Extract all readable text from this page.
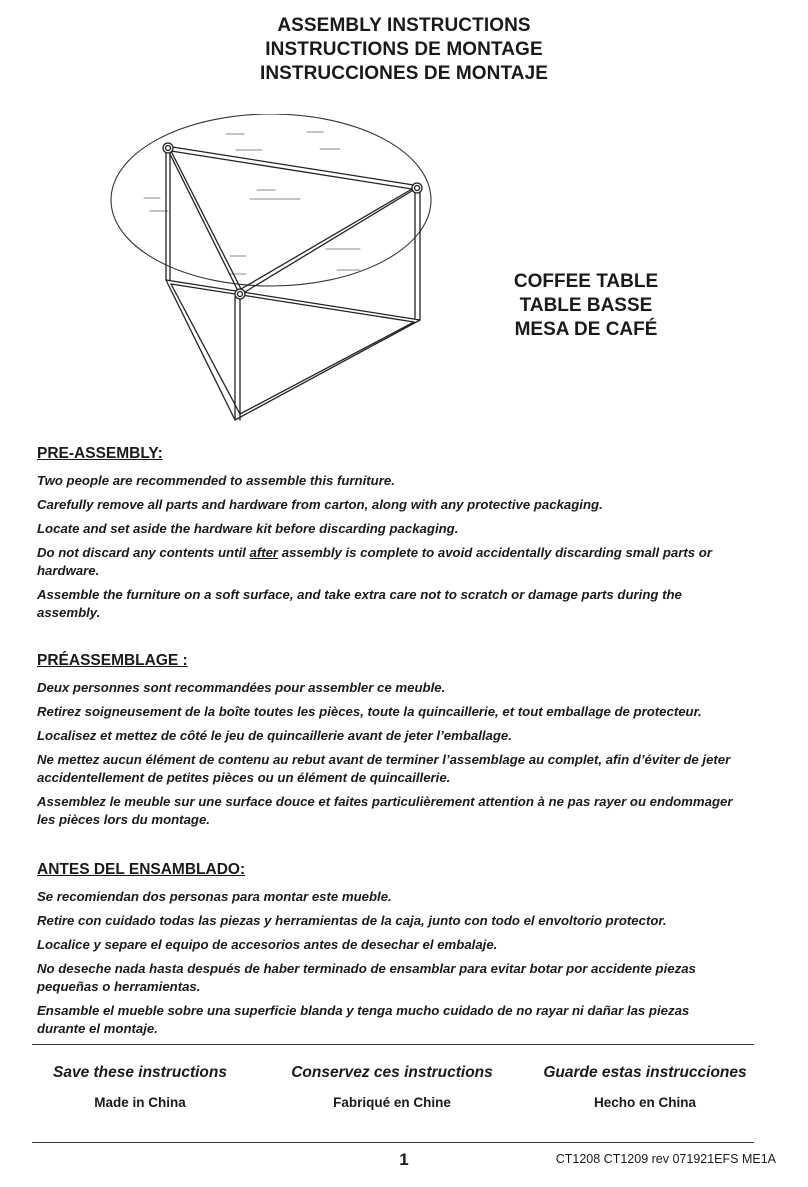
ASSEMBLY INSTRUCTIONS
INSTRUCTIONS DE MONTAGE
INSTRUCCIONES DE MONTAJE
COFFEE TABLE
TABLE BASSE
MESA DE CAFÉ
PRE-ASSEMBLY:

Two people are recommended to assemble this furniture.

Carefully remove all parts and hardware from carton, along with any protective packaging.

Locate and set aside the hardware kit before discarding packaging.

Do not discard any contents until after assembly is complete to avoid accidentally discarding small parts or hardware.

Assemble the furniture on a soft surface, and take extra care not to scratch or damage parts during the assembly.

PRÉASSEMBLAGE :

Deux personnes sont recommandées pour assembler ce meuble.

Retirez soigneusement de la boîte toutes les pièces, toute la quincaillerie, et tout emballage de protecteur.

Localisez et mettez de côté le jeu de quincaillerie avant de jeter l’emballage.

Ne mettez aucun élément de contenu au rebut avant de terminer l’assemblage au complet, afin d’éviter de jeter accidentellement de petites pièces ou un élément de quincaillerie.

Assemblez le meuble sur une surface douce et faites particulièrement attention à ne pas rayer ou endommager les pièces lors du montage.

ANTES DEL ENSAMBLADO:

Se recomiendan dos personas para montar este mueble.

Retire con cuidado todas las piezas y herramientas de la caja, junto con todo el envoltorio protector.

Localice y separe el equipo de accesorios antes de desechar el embalaje.

No deseche nada hasta después de haber terminado de ensamblar para evitar botar por accidente piezas pequeñas o herramientas.

Ensamble el mueble sobre una superficie blanda y tenga mucho cuidado de no rayar ni dañar las piezas durante el montaje.

Save these instructions	Conservez ces instructions	Guarde estas instrucciones
Made in China	Fabriqué en Chine	Hecho en China
1	CT1208 CT1209 rev 071921EFS ME1A
